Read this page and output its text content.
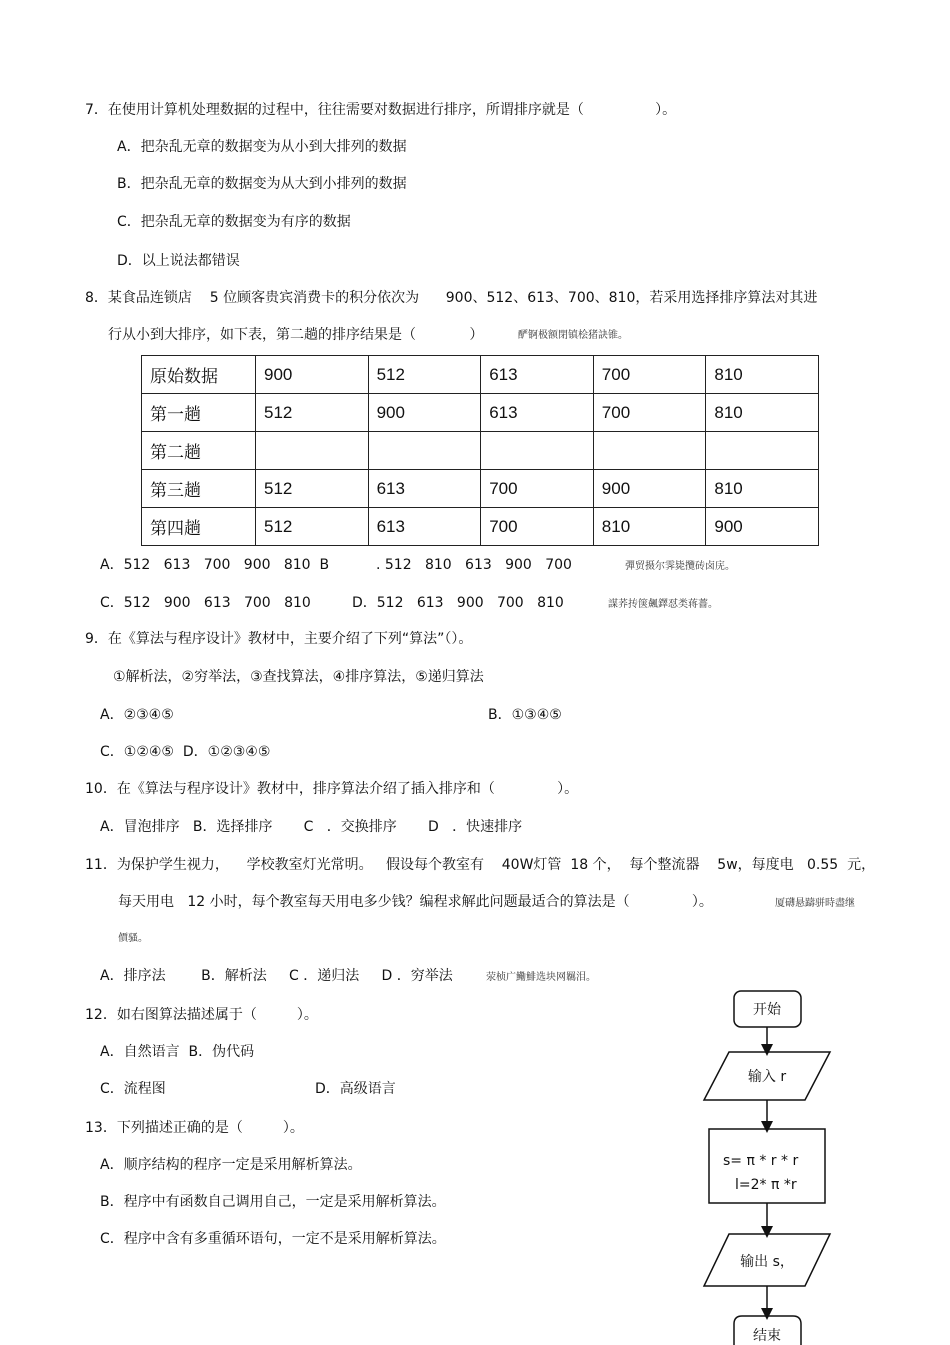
7．在使用计算机处理数据的过程中，往往需要对数据进行排序，所谓排序就是（                ）。
A．把杂乱无章的数据变为从小到大排列的数据
B．把杂乱无章的数据变为从大到小排列的数据
C．把杂乱无章的数据变为有序的数据
D．以上说法都错误
8．某食品连锁店    5 位顾客贵宾消费卡的积分依次为      900、512、613、700、810，若采用选择排序算法对其进
行从小到大排序，如下表，第二趟的排序结果是（            ）	酽锕极额閉镇桧猪訣锥。
原始数据	900	512	613	700	810
第一趟	512	900	613	700	810
第二趟					
第三趟	512	613	700	900	810
第四趟	512	613	700	810	900
A．512   613   700   900   810  B	. 512   810   613   900   700	彈贸摄尔霁毙攬砖卤庑。
C．512   900   613   700   810	D．512   613   900   700   810	謀荞抟箧飆鐸怼类蒋薔。
9．在《算法与程序设计》教材中，主要介绍了下列“算法”（）。
①解析法，②穷举法，③查找算法，④排序算法，⑤递归算法
A．②③④⑤	B．①③④⑤
C．①②④⑤  D．①②③④⑤
10．在《算法与程序设计》教材中，排序算法介绍了插入排序和（              ）。
A．冒泡排序   B．选择排序       C   ．交换排序       D   ．快速排序
11．为保护学生视力，    学校教室灯光常明。   假设每个教室有    40W灯管  18 个，  每个整流器    5w，每度电   0.55  元，
每天用电   12 小时，每个教室每天用电多少钱？编程求解此问题最适合的算法是（              ）。	厦礴悬躊骈時盡继
價骚。
A．排序法        B．解析法     C ．递归法     D ．穷举法	荥桢广鰳鯡选块网羈泪。
12．如右图算法描述属于（         ）。
A．自然语言  B．伪代码
C．流程图	D．高级语言
13．下列描述正确的是（         ）。
A．顺序结构的程序一定是采用解析算法。
B．程序中有函数自己调用自己，一定是采用解析算法。
C．程序中含有多重循环语句，一定不是采用解析算法。
开始
输入 r
s= π * r * r
l=2* π *r
输出 s，
结束
